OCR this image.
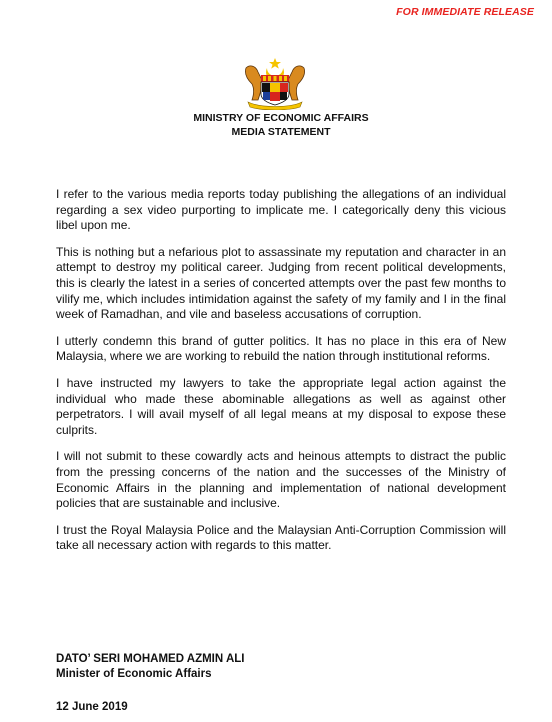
FOR IMMEDIATE RELEASE
MINISTRY OF ECONOMIC AFFAIRS
MEDIA STATEMENT

I refer to the various media reports today publishing the allegations of an individual regarding a sex video purporting to implicate me. I categorically deny this vicious libel upon me.

This is nothing but a nefarious plot to assassinate my reputation and character in an attempt to destroy my political career. Judging from recent political developments, this is clearly the latest in a series of concerted attempts over the past few months to vilify me, which includes intimidation against the safety of my family and I in the final week of Ramadhan, and vile and baseless accusations of corruption.

I utterly condemn this brand of gutter politics. It has no place in this era of New Malaysia, where we are working to rebuild the nation through institutional reforms.

I have instructed my lawyers to take the appropriate legal action against the individual who made these abominable allegations as well as against other perpetrators. I will avail myself of all legal means at my disposal to expose these culprits.

I will not submit to these cowardly acts and heinous attempts to distract the public from the pressing concerns of the nation and the successes of the Ministry of Economic Affairs in the planning and implementation of national development policies that are sustainable and inclusive.

I trust the Royal Malaysia Police and the Malaysian Anti-Corruption Commission will take all necessary action with regards to this matter.

DATO’ SERI MOHAMED AZMIN ALI
Minister of Economic Affairs
12 June 2019
